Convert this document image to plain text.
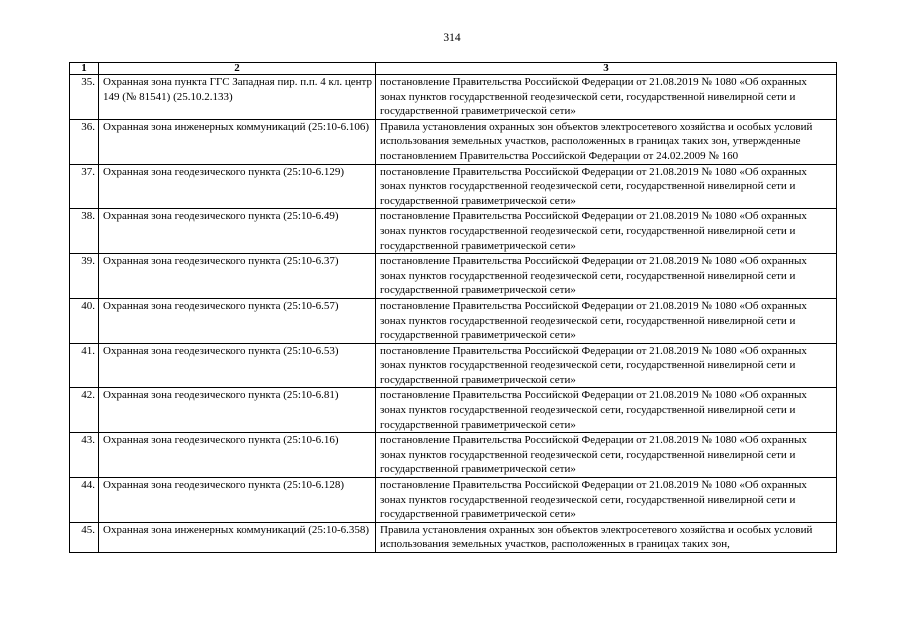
314
1	2	3

35.	Охранная зона пункта ГГС Западная пир. п.п. 4 кл. центр 149 (№ 81541) (25.10.2.133)	постановление Правительства Российской Федерации от 21.08.2019 № 1080 «Об охранных зонах пунктов государственной геодезической сети, государственной нивелирной сети и государственной гравиметрической сети»

36.	Охранная зона инженерных коммуникаций (25:10-6.106)	Правила установления охранных зон объектов электросетевого хозяйства и особых условий использования земельных участков, расположенных в границах таких зон, утвержденные постановлением Правительства Российской Федерации от 24.02.2009 № 160

37.	Охранная зона геодезического пункта (25:10-6.129)	постановление Правительства Российской Федерации от 21.08.2019 № 1080 «Об охранных зонах пунктов государственной геодезической сети, государственной нивелирной сети и государственной гравиметрической сети»

38.	Охранная зона геодезического пункта (25:10-6.49)	постановление Правительства Российской Федерации от 21.08.2019 № 1080 «Об охранных зонах пунктов государственной геодезической сети, государственной нивелирной сети и государственной гравиметрической сети»

39.	Охранная зона геодезического пункта (25:10-6.37)	постановление Правительства Российской Федерации от 21.08.2019 № 1080 «Об охранных зонах пунктов государственной геодезической сети, государственной нивелирной сети и государственной гравиметрической сети»

40.	Охранная зона геодезического пункта (25:10-6.57)	постановление Правительства Российской Федерации от 21.08.2019 № 1080 «Об охранных зонах пунктов государственной геодезической сети, государственной нивелирной сети и государственной гравиметрической сети»

41.	Охранная зона геодезического пункта (25:10-6.53)	постановление Правительства Российской Федерации от 21.08.2019 № 1080 «Об охранных зонах пунктов государственной геодезической сети, государственной нивелирной сети и государственной гравиметрической сети»

42.	Охранная зона геодезического пункта (25:10-6.81)	постановление Правительства Российской Федерации от 21.08.2019 № 1080 «Об охранных зонах пунктов государственной геодезической сети, государственной нивелирной сети и государственной гравиметрической сети»

43.	Охранная зона геодезического пункта (25:10-6.16)	постановление Правительства Российской Федерации от 21.08.2019 № 1080 «Об охранных зонах пунктов государственной геодезической сети, государственной нивелирной сети и государственной гравиметрической сети»

44.	Охранная зона геодезического пункта (25:10-6.128)	постановление Правительства Российской Федерации от 21.08.2019 № 1080 «Об охранных зонах пунктов государственной геодезической сети, государственной нивелирной сети и государственной гравиметрической сети»

45.	Охранная зона инженерных коммуникаций (25:10-6.358)	Правила установления охранных зон объектов электросетевого хозяйства и особых условий использования земельных участков, расположенных в границах таких зон,
